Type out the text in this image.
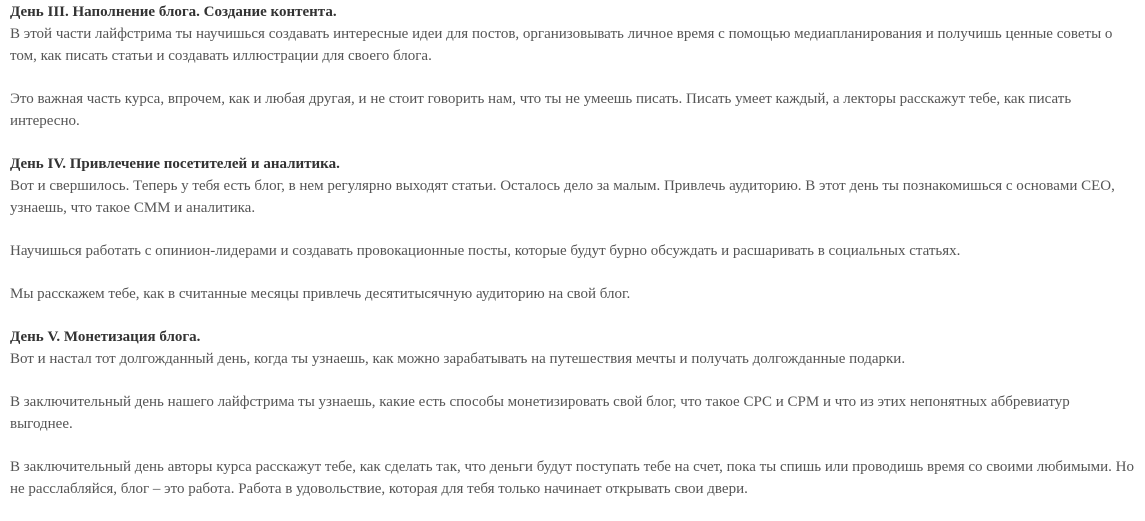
День III. Наполнение блога. Создание контента.

В этой части лайфстрима ты научишься создавать интересные идеи для постов, организовывать личное время с помощью медиапланирования и получишь ценные советы о том, как писать статьи и создавать иллюстрации для своего блога.

Это важная часть курса, впрочем, как и любая другая, и не стоит говорить нам, что ты не умеешь писать. Писать умеет каждый, а лекторы расскажут тебе, как писать интересно.

День IV. Привлечение посетителей и аналитика.

Вот и свершилось. Теперь у тебя есть блог, в нем регулярно выходят статьи. Осталось дело за малым. Привлечь аудиторию. В этот день ты познакомишься с основами СЕО, узнаешь, что такое СММ и аналитика.

Научишься работать с опинион-лидерами и создавать провокационные посты, которые будут бурно обсуждать и расшаривать в социальных статьях.

Мы расскажем тебе, как в считанные месяцы привлечь десятитысячную аудиторию на свой блог.

День V. Монетизация блога.

Вот и настал тот долгожданный день, когда ты узнаешь, как можно зарабатывать на путешествия мечты и получать долгожданные подарки.

В заключительный день нашего лайфстрима ты узнаешь, какие есть способы монетизировать свой блог, что такое СРС и СРМ и что из этих непонятных аббревиатур выгоднее.

В заключительный день авторы курса расскажут тебе, как сделать так, что деньги будут поступать тебе на счет, пока ты спишь или проводишь время со своими любимыми. Но не расслабляйся, блог – это работа. Работа в удовольствие, которая для тебя только начинает открывать свои двери.
